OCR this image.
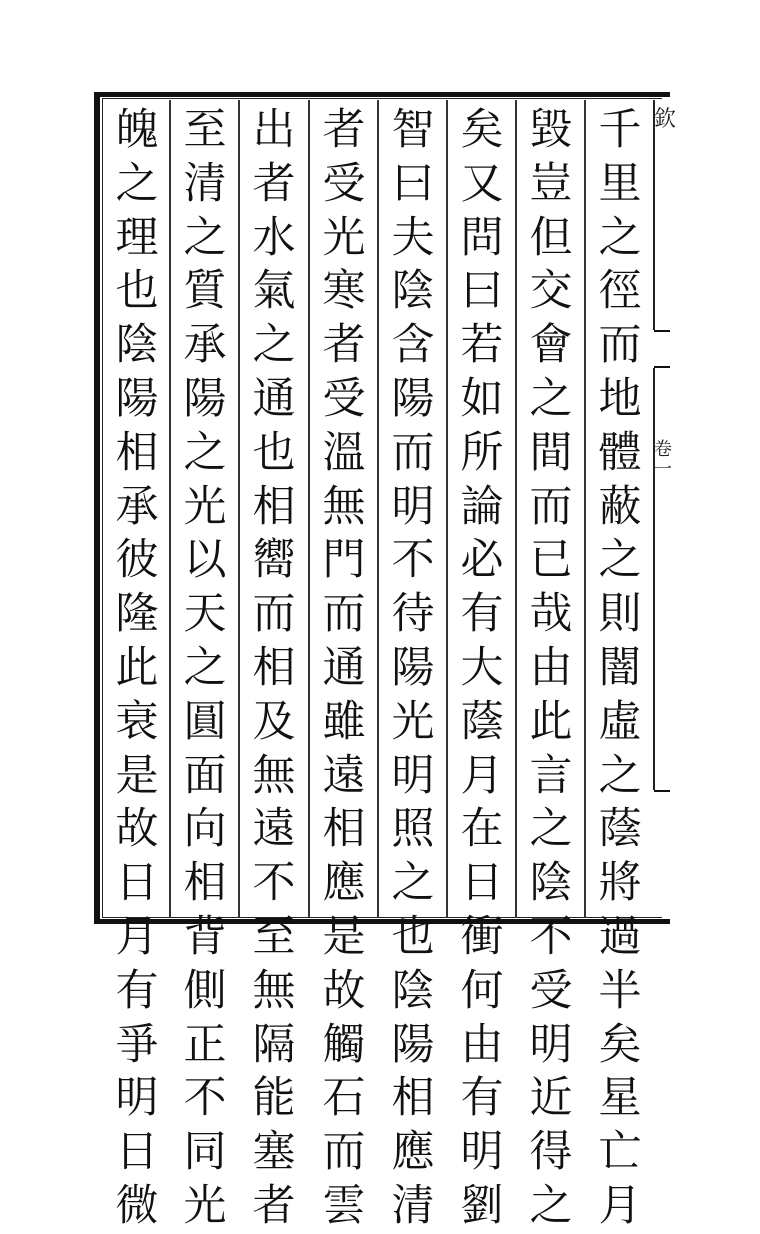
千
里
之
徑
而
地
體
蔽
之
則
闇
虛
之
蔭
將
過
半
矣
星
亡
月
毀
豈
但
交
會
之
間
而
已
哉
由
此
言
之
陰
不
受
明
近
得
之
矣
又
問
曰
若
如
所
論
必
有
大
蔭
月
在
日
衝
何
由
有
明
劉
智
曰
夫
陰
含
陽
而
明
不
待
陽
光
明
照
之
也
陰
陽
相
應
清
者
受
光
寒
者
受
溫
無
門
而
通
雖
遠
相
應
是
故
觸
石
而
雲
出
者
水
氣
之
通
也
相
嚮
而
相
及
無
遠
不
至
無
隔
能
塞
者
至
清
之
質
承
陽
之
光
以
天
之
圓
面
向
相
背
側
正
不
同
光
魄
之
理
也
陰
陽
相
承
彼
隆
此
衰
是
故
日
月
有
爭
明
日
微
欽
卷一
